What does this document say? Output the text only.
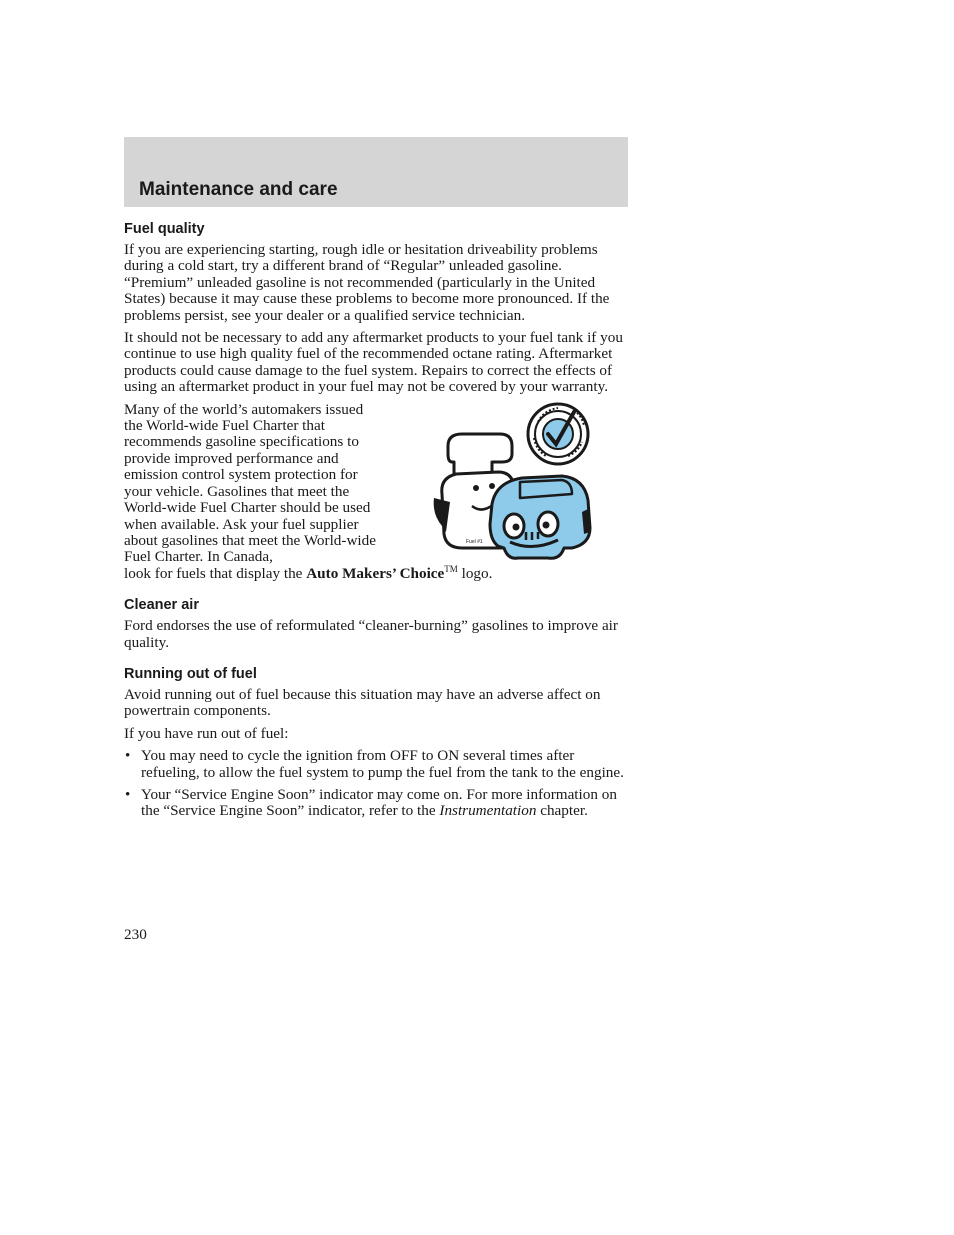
Maintenance and care
Fuel quality

If you are experiencing starting, rough idle or hesitation driveability problems during a cold start, try a different brand of “Regular” unleaded gasoline. “Premium” unleaded gasoline is not recommended (particularly in the United States) because it may cause these problems to become more pronounced. If the problems persist, see your dealer or a qualified service technician.

It should not be necessary to add any aftermarket products to your fuel tank if you continue to use high quality fuel of the recommended octane rating. Aftermarket products could cause damage to the fuel system. Repairs to correct the effects of using an aftermarket product in your fuel may not be covered by your warranty.

Many of the world’s automakers issued the World-wide Fuel Charter that recommends gasoline specifications to provide improved performance and emission control system protection for your vehicle. Gasolines that meet the World-wide Fuel Charter should be used when available. Ask your fuel supplier about gasolines that meet the World-wide Fuel Charter. In Canada,
look for fuels that display the Auto Makers’ Choice™ logo.

Fuel #1
Cleaner air

Ford endorses the use of reformulated “cleaner-burning” gasolines to improve air quality.

Running out of fuel

Avoid running out of fuel because this situation may have an adverse affect on powertrain components.

If you have run out of fuel:

• You may need to cycle the ignition from OFF to ON several times after refueling, to allow the fuel system to pump the fuel from the tank to the engine.
• Your “Service Engine Soon” indicator may come on. For more information on the “Service Engine Soon” indicator, refer to the Instrumentation chapter.
230
